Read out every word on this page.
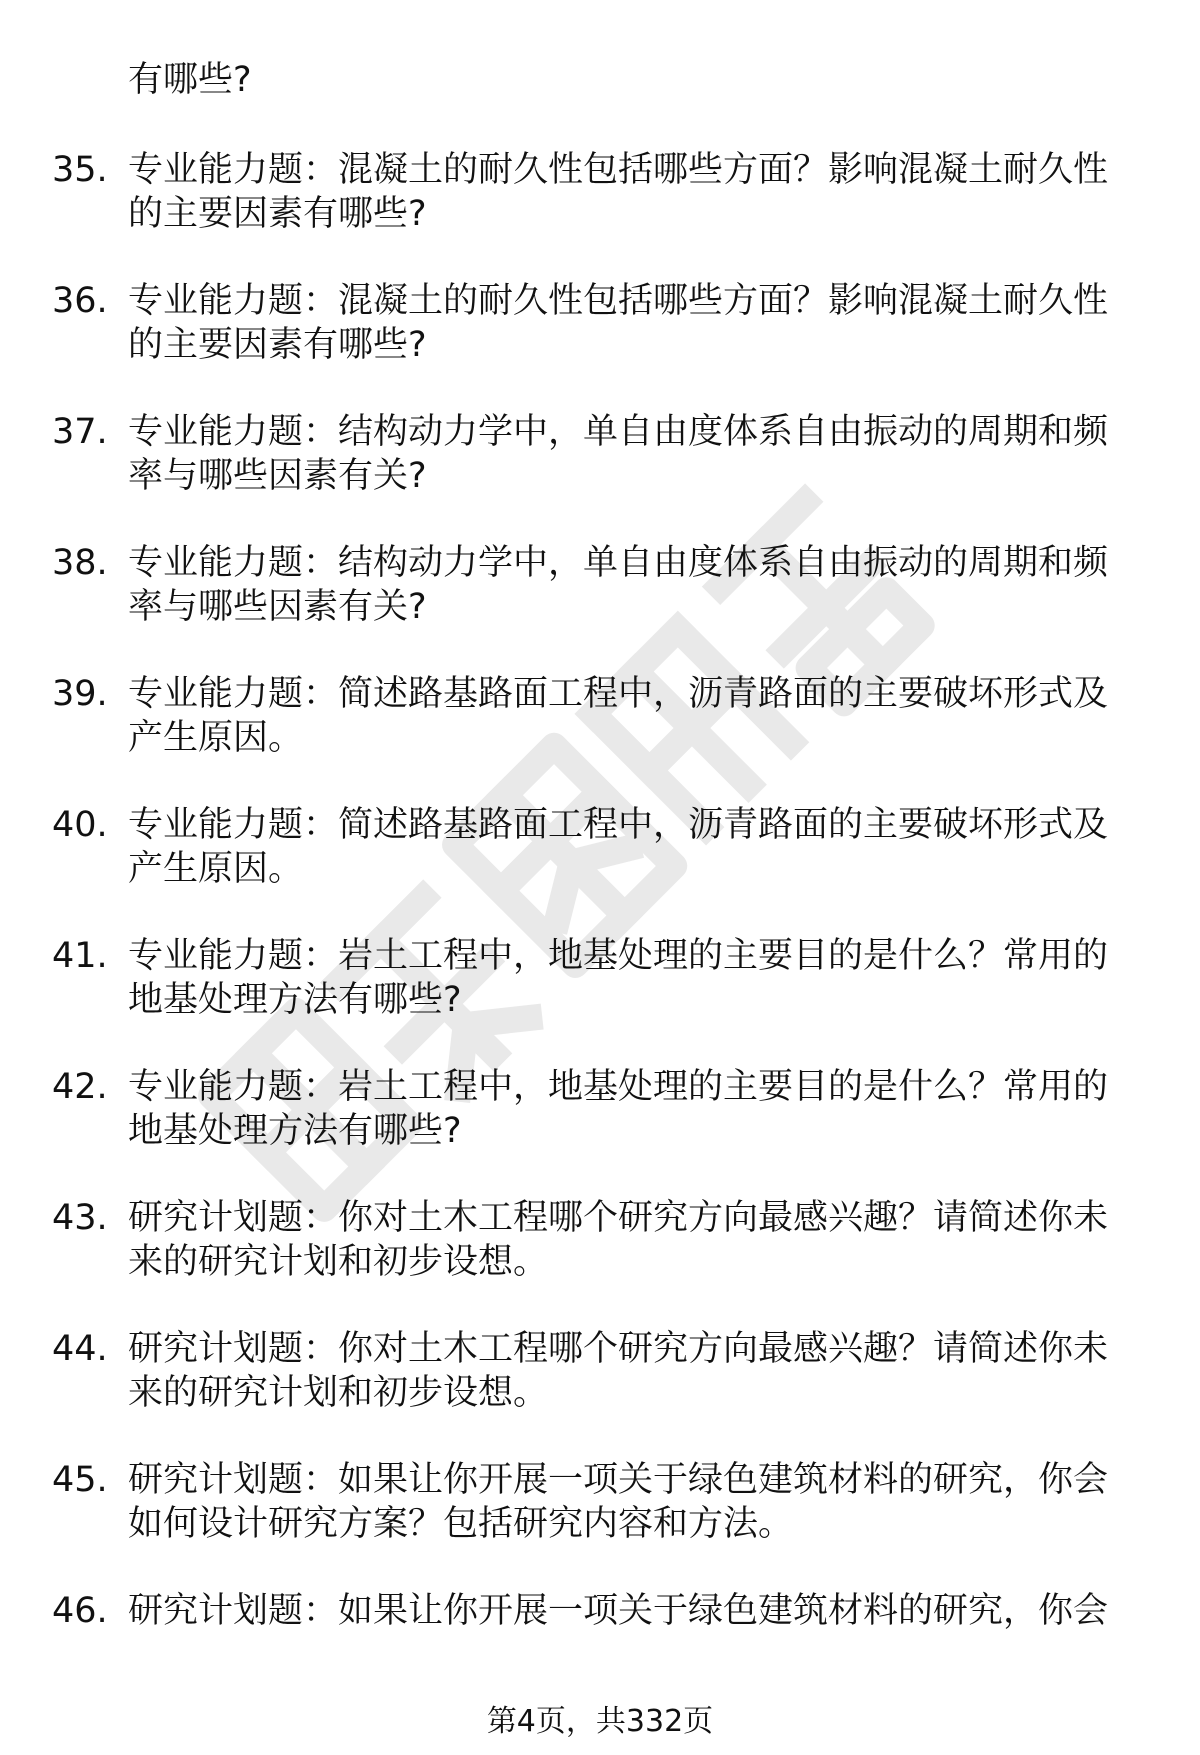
有哪些?
35. 专业能力题：混凝土的耐久性包括哪些方面？影响混凝土耐久性
的主要因素有哪些?
36. 专业能力题：混凝土的耐久性包括哪些方面？影响混凝土耐久性
的主要因素有哪些?
37. 专业能力题：结构动力学中，单自由度体系自由振动的周期和频
率与哪些因素有关?
38. 专业能力题：结构动力学中，单自由度体系自由振动的周期和频
率与哪些因素有关?
39. 专业能力题：简述路基路面工程中，沥青路面的主要破坏形式及
产生原因。
40. 专业能力题：简述路基路面工程中，沥青路面的主要破坏形式及
产生原因。
41. 专业能力题：岩土工程中，地基处理的主要目的是什么？常用的
地基处理方法有哪些?
42. 专业能力题：岩土工程中，地基处理的主要目的是什么？常用的
地基处理方法有哪些?
43. 研究计划题：你对土木工程哪个研究方向最感兴趣？请简述你未
来的研究计划和初步设想。
44. 研究计划题：你对土木工程哪个研究方向最感兴趣？请简述你未
来的研究计划和初步设想。
45. 研究计划题：如果让你开展一项关于绿色建筑材料的研究，你会
如何设计研究方案？包括研究内容和方法。
46. 研究计划题：如果让你开展一项关于绿色建筑材料的研究，你会
第4页，共332页
